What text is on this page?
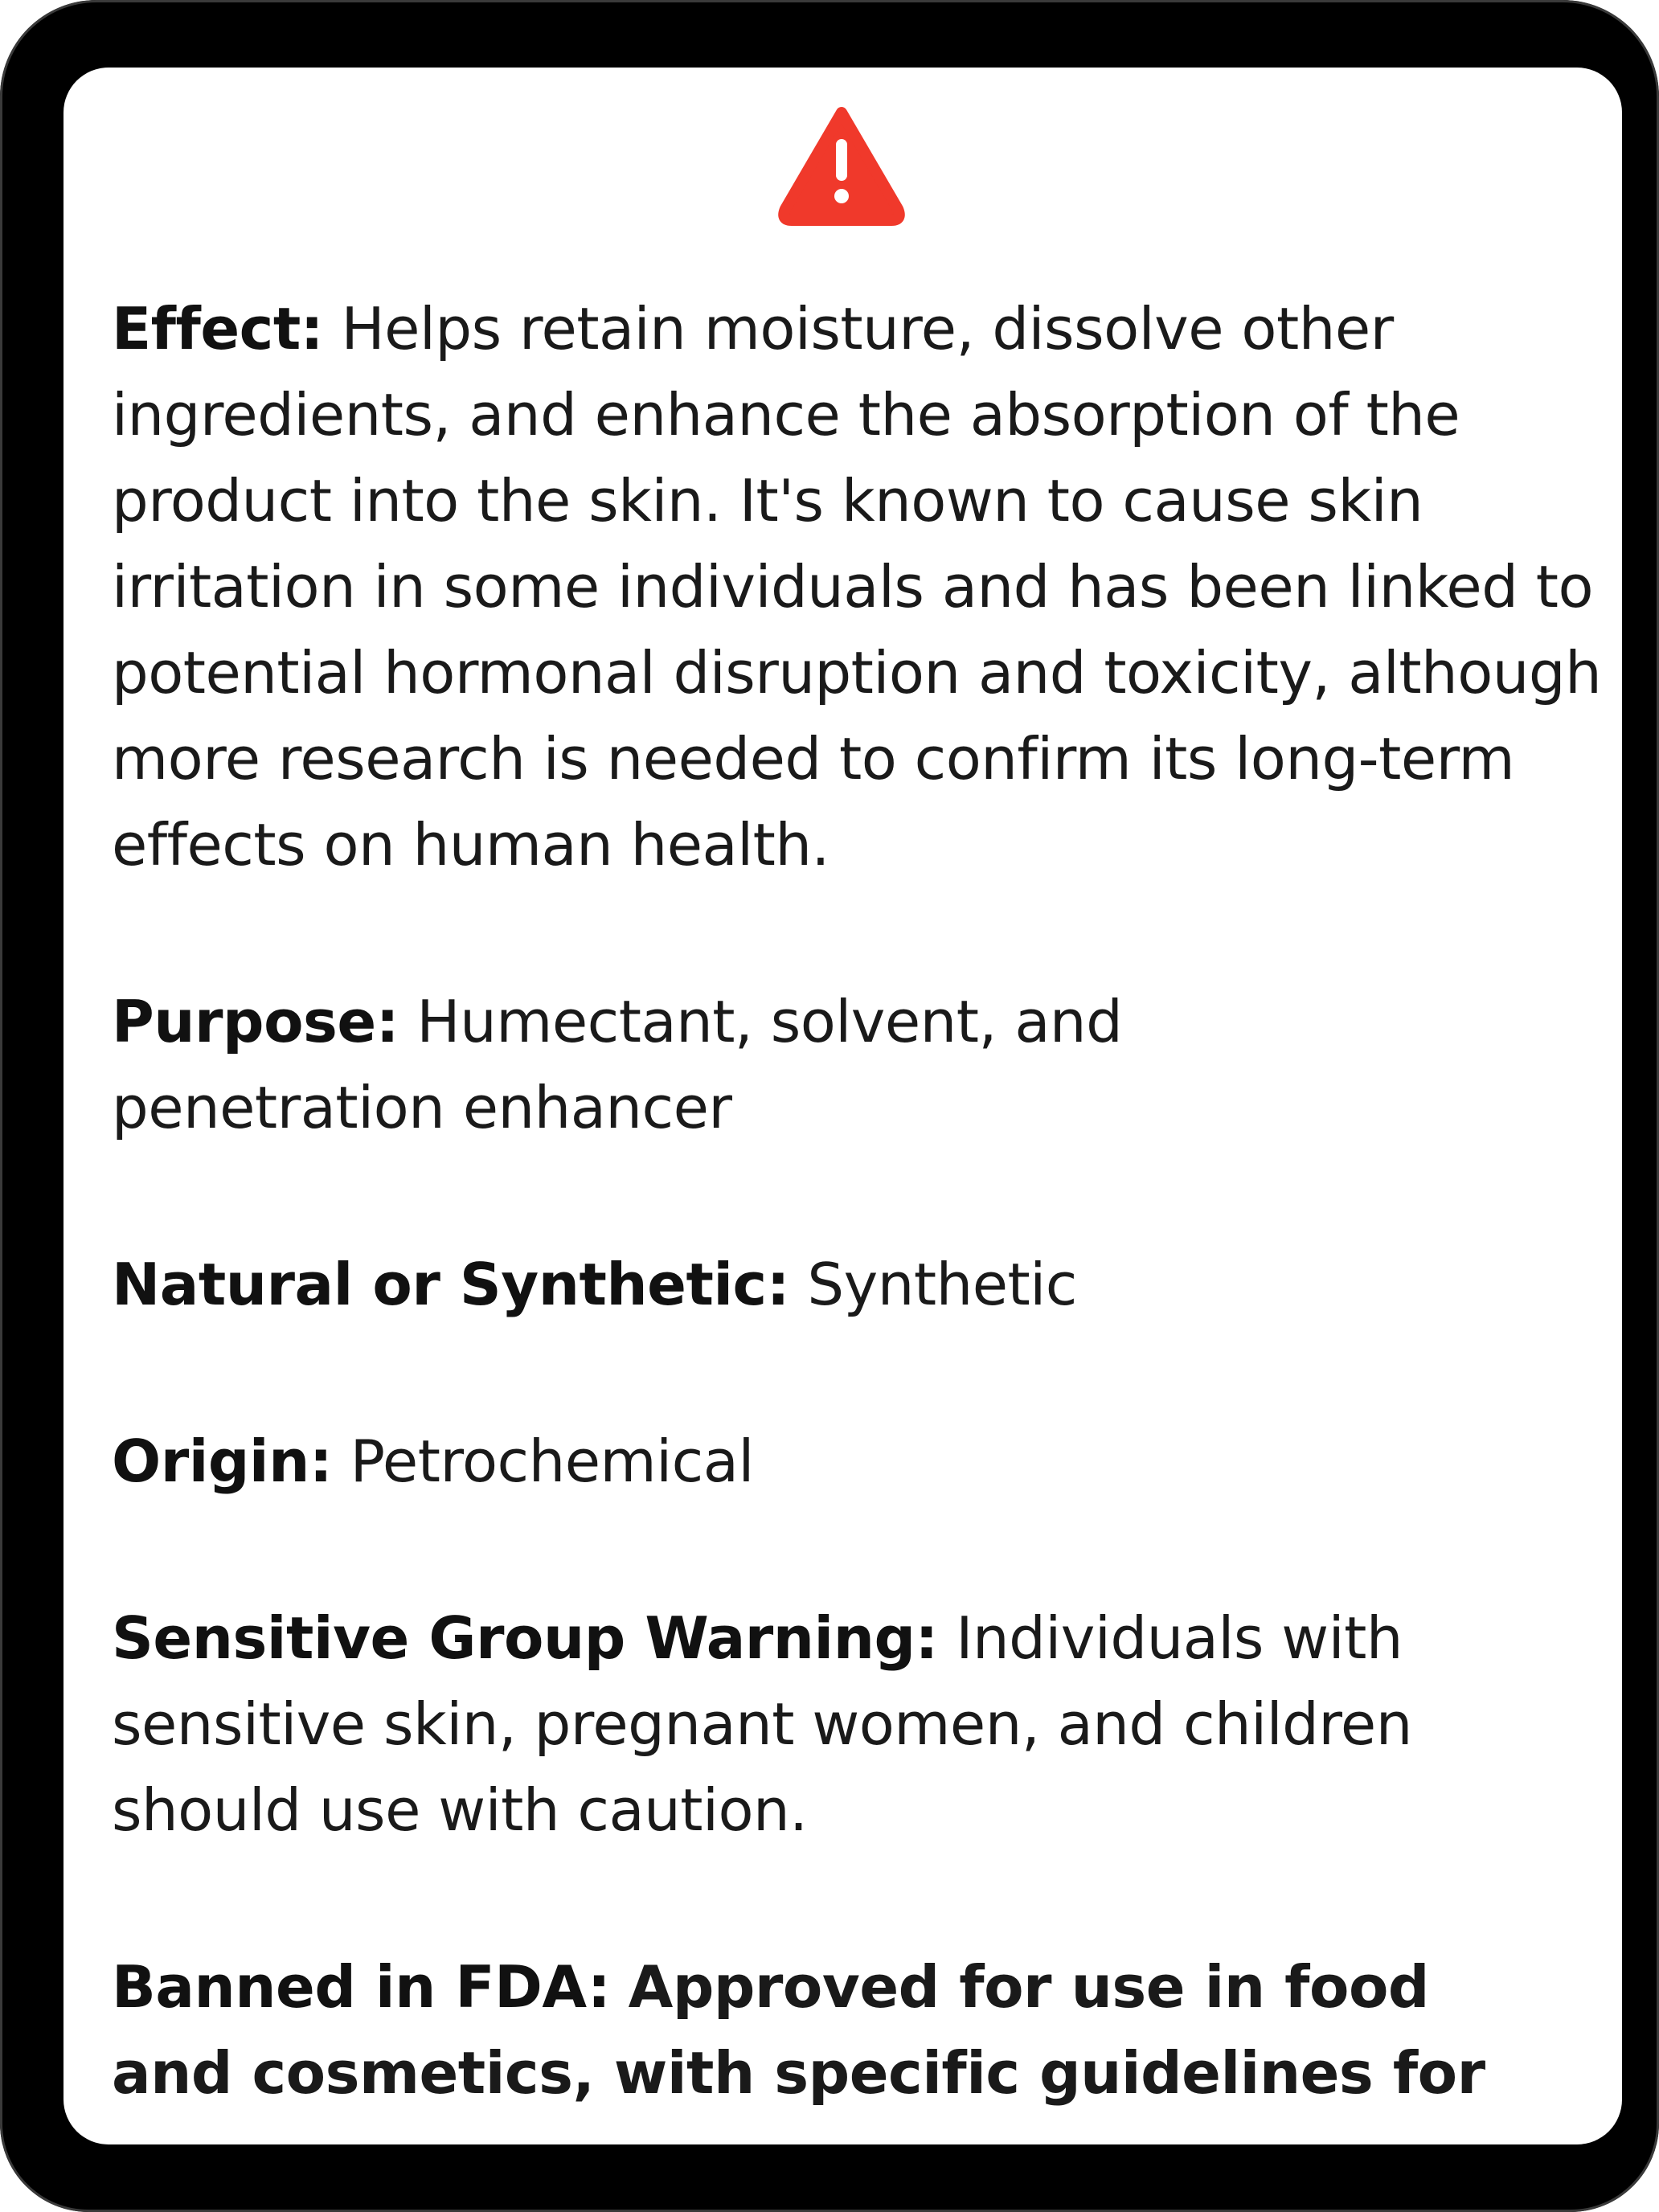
Effect: Helps retain moisture, dissolve other ingredients, and enhance the absorption of the product into the skin. It's known to cause skin irritation in some individuals and has been linked to potential hormonal disruption and toxicity, although more research is needed to confirm its long-term effects on human health.
Purpose: Humectant, solvent, and penetration enhancer
Natural or Synthetic: Synthetic
Origin: Petrochemical
Sensitive Group Warning: Individuals with sensitive skin, pregnant women, and children should use with caution.
Banned in FDA: Approved for use in food and cosmetics, with specific guidelines for
